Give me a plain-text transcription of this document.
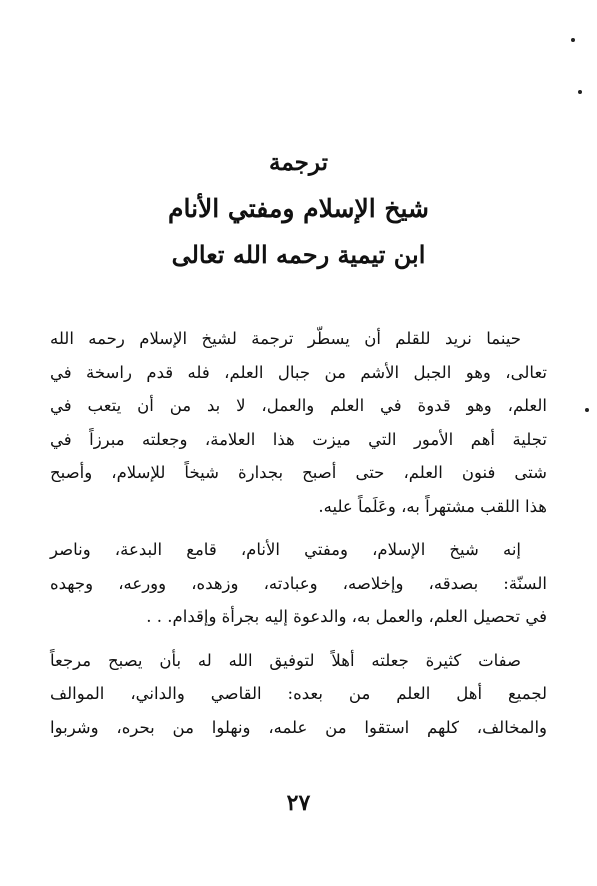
ترجمة
شيخ الإسلام ومفتي الأنام
ابن تيمية رحمه الله تعالى

حينما نريد للقلم أن يسطّر ترجمة لشيخ الإسلام رحمه الله
تعالى، وهو الجبل الأشم من جبال العلم، فله قدم راسخة في
العلم، وهو قدوة في العلم والعمل، لا بد من أن يتعب في
تجلية أهم الأمور التي ميزت هذا العلامة، وجعلته مبرزاً في
شتى فنون العلم، حتى أصبح بجدارة شيخاً للإسلام، وأصبح
هذا اللقب مشتهراً به، وعَلَماً عليه.

إنه شيخ الإسلام، ومفتي الأنام، قامع البدعة، وناصر
السنّة: بصدقه، وإخلاصه، وعبادته، وزهده، وورعه، وجهده
في تحصيل العلم، والعمل به، والدعوة إليه بجرأة وإقدام. . .

صفات كثيرة جعلته أهلاً لتوفيق الله له بأن يصبح مرجعاً
لجميع أهل العلم من بعده: القاصي والداني، الموالف
والمخالف، كلهم استقوا من علمه، ونهلوا من بحره، وشربوا

٢٧
